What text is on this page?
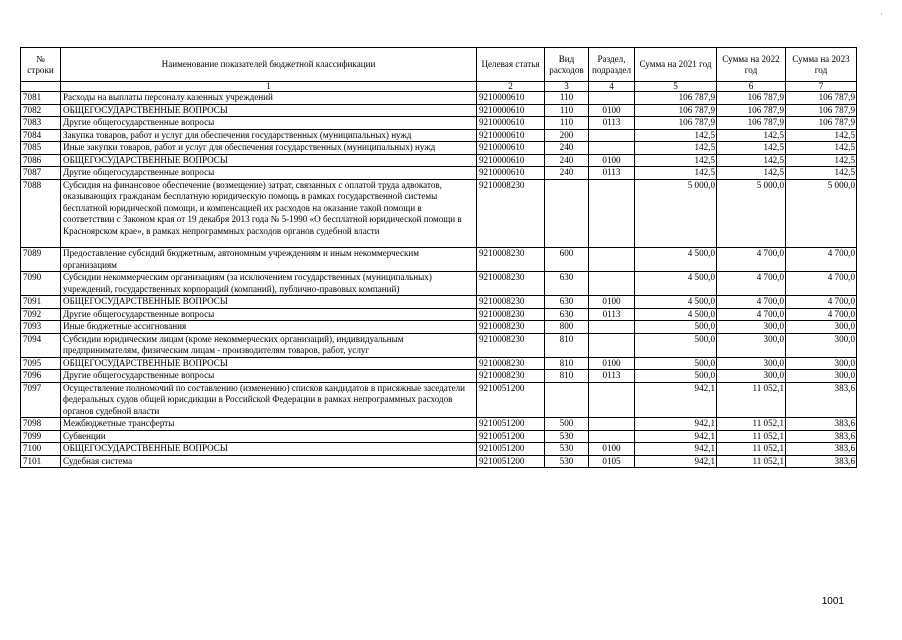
'
№ строки	Наименование показателей бюджетной классификации	Целевая статья	Вид расходов	Раздел, подраздел	Сумма на 2021 год	Сумма на 2022 год	Сумма на 2023 год
	1	2	3	4	5	6	7
7081	Расходы на выплаты персоналу казенных учреждений	9210000610	110		106 787,9	106 787,9	106 787,9
7082	ОБЩЕГОСУДАРСТВЕННЫЕ ВОПРОСЫ	9210000610	110	0100	106 787,9	106 787,9	106 787,9
7083	Другие общегосударственные вопросы	9210000610	110	0113	106 787,9	106 787,9	106 787,9
7084	Закупка товаров, работ и услуг для обеспечения государственных (муниципальных) нужд	9210000610	200		142,5	142,5	142,5
7085	Иные закупки товаров, работ и услуг для обеспечения государственных (муниципальных) нужд	9210000610	240		142,5	142,5	142,5
7086	ОБЩЕГОСУДАРСТВЕННЫЕ ВОПРОСЫ	9210000610	240	0100	142,5	142,5	142,5
7087	Другие общегосударственные вопросы	9210000610	240	0113	142,5	142,5	142,5
7088	Субсидия на финансовое обеспечение (возмещение) затрат, связанных с оплатой труда адвокатов, оказывающих гражданам бесплатную юридическую помощь в рамках государственной системы бесплатной юридической помощи, и компенсацией их расходов на оказание такой помощи в соответствии с Законом края от 19 декабря 2013 года № 5-1990 «О бесплатной юридической помощи в Красноярском крае», в рамках непрограммных расходов органов судебной власти	9210008230			5 000,0	5 000,0	5 000,0
7089	Предоставление субсидий бюджетным, автономным учреждениям и иным некоммерческим организациям	9210008230	600		4 500,0	4 700,0	4 700,0
7090	Субсидии некоммерческим организациям (за исключением государственных (муниципальных) учреждений, государственных корпораций (компаний), публично-правовых компаний)	9210008230	630		4 500,0	4 700,0	4 700,0
7091	ОБЩЕГОСУДАРСТВЕННЫЕ ВОПРОСЫ	9210008230	630	0100	4 500,0	4 700,0	4 700,0
7092	Другие общегосударственные вопросы	9210008230	630	0113	4 500,0	4 700,0	4 700,0
7093	Иные бюджетные ассигнования	9210008230	800		500,0	300,0	300,0
7094	Субсидии юридическим лицам (кроме некоммерческих организаций), индивидуальным предпринимателям, физическим лицам - производителям товаров, работ, услуг	9210008230	810		500,0	300,0	300,0
7095	ОБЩЕГОСУДАРСТВЕННЫЕ ВОПРОСЫ	9210008230	810	0100	500,0	300,0	300,0
7096	Другие общегосударственные вопросы	9210008230	810	0113	500,0	300,0	300,0
7097	Осуществление полномочий по составлению (изменению) списков кандидатов в присяжные заседатели федеральных судов общей юрисдикции в Российской Федерации в рамках непрограммных расходов органов судебной власти	9210051200			942,1	11 052,1	383,6
7098	Межбюджетные трансферты	9210051200	500		942,1	11 052,1	383,6
7099	Субвенции	9210051200	530		942,1	11 052,1	383,6
7100	ОБЩЕГОСУДАРСТВЕННЫЕ ВОПРОСЫ	9210051200	530	0100	942,1	11 052,1	383,6
7101	Судебная система	9210051200	530	0105	942,1	11 052,1	383,6
1001
